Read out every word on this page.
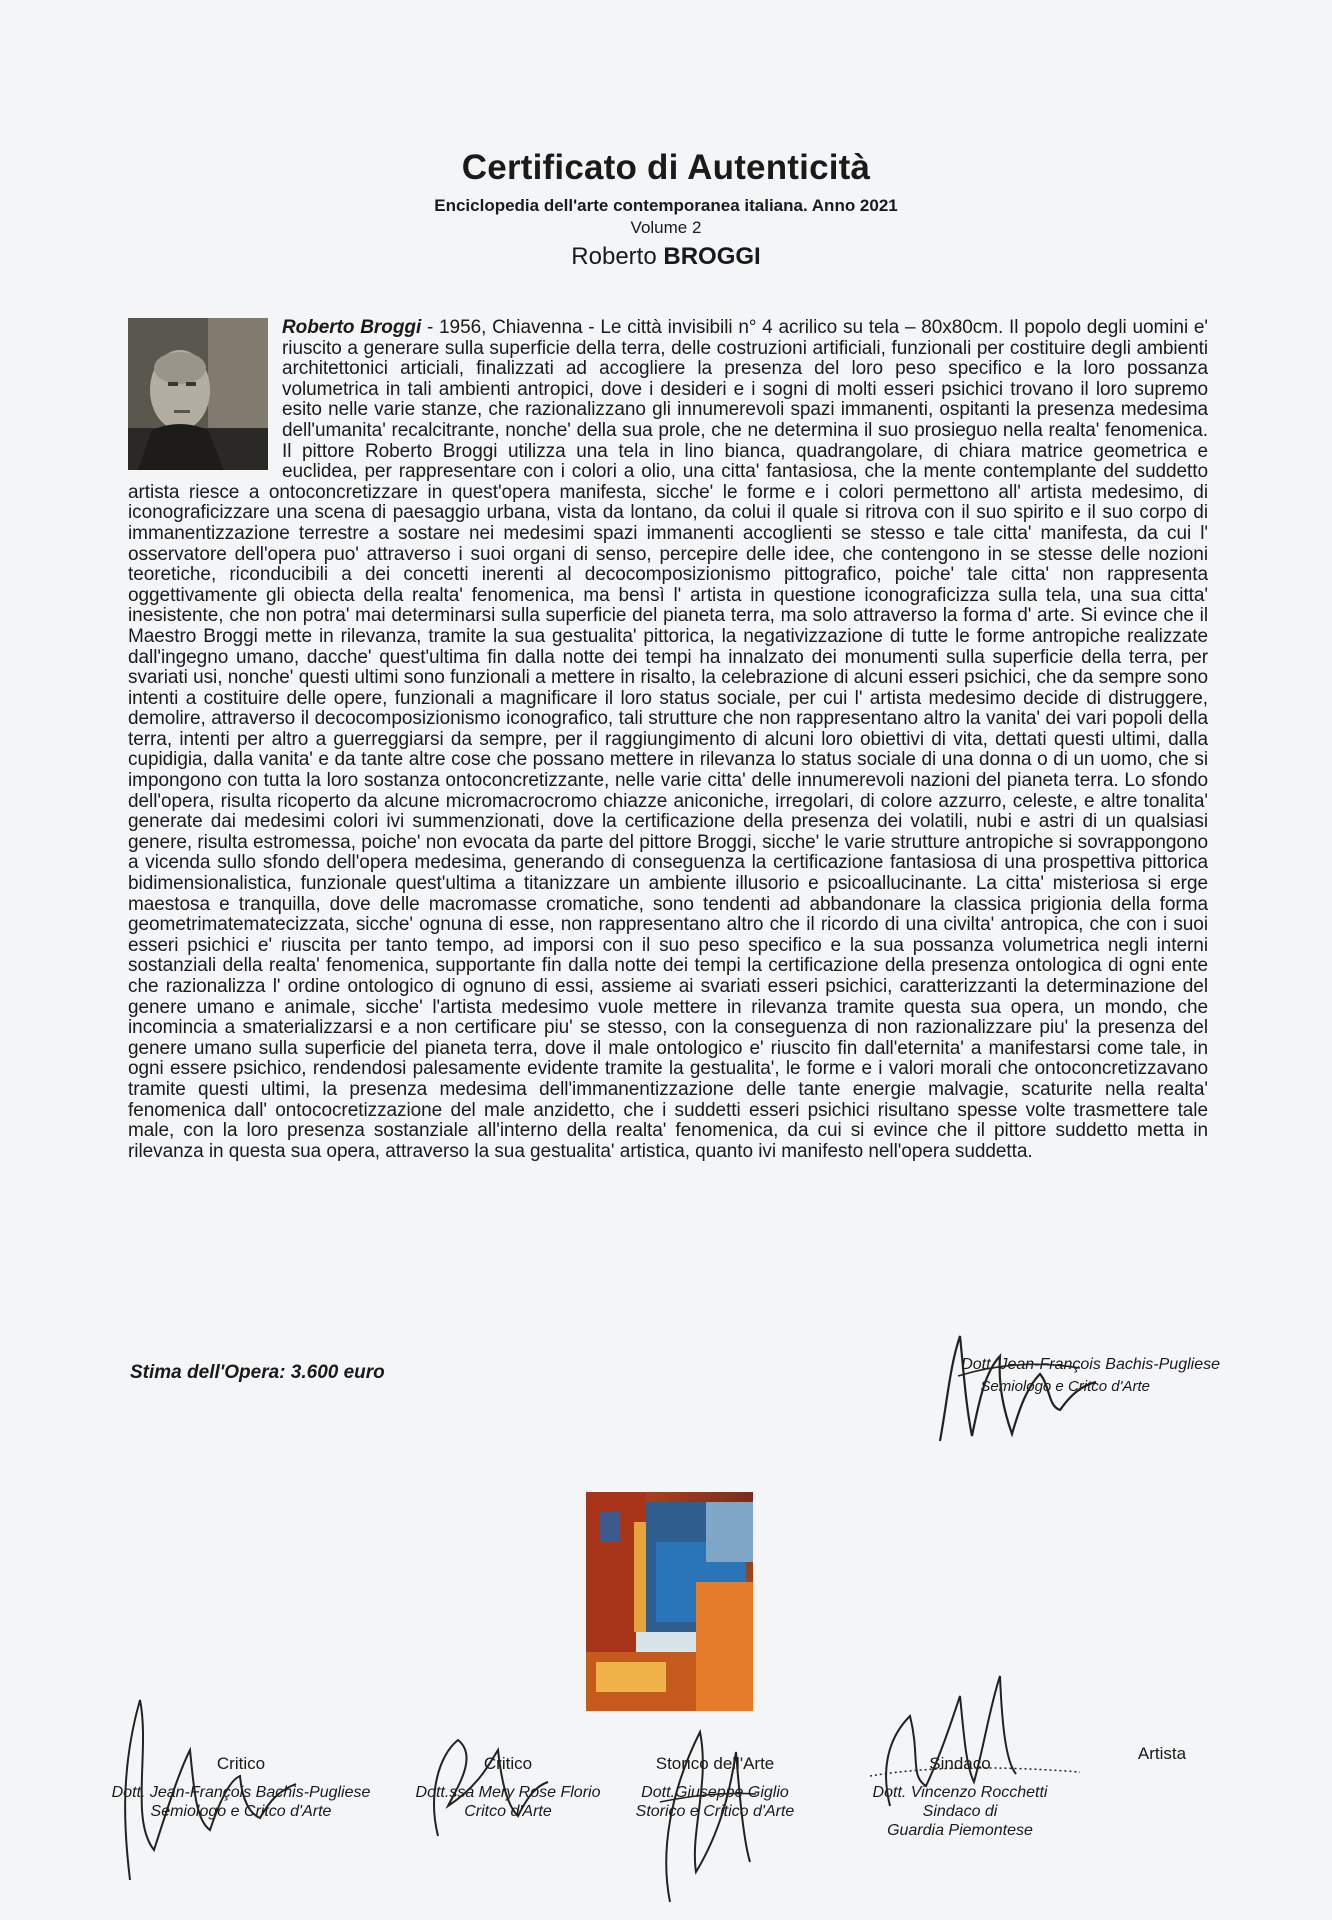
Certificato di Autenticità
Enciclopedia dell'arte contemporanea italiana. Anno 2021
Volume 2
Roberto BROGGI

Roberto Broggi - 1956, Chiavenna - Le città invisibili n° 4 acrilico su tela – 80x80cm. Il popolo degli uomini e' riuscito a generare sulla superficie della terra, delle costruzioni artificiali, funzionali per costituire degli ambienti architettonici articiali, finalizzati ad accogliere la presenza del loro peso specifico e la loro possanza volumetrica in tali ambienti antropici, dove i desideri e i sogni di molti esseri psichici trovano il loro supremo esito nelle varie stanze, che razionalizzano gli innumerevoli spazi immanenti, ospitanti la presenza medesima dell'umanita' recalcitrante, nonche' della sua prole, che ne determina il suo prosieguo nella realta' fenomenica. Il pittore Roberto Broggi utilizza una tela in lino bianca, quadrangolare, di chiara matrice geometrica e euclidea, per rappresentare con i colori a olio, una citta' fantasiosa, che la mente contemplante del suddetto artista riesce a ontoconcretizzare in quest'opera manifesta, sicche' le forme e i colori permettono all' artista medesimo, di iconograficizzare una scena di paesaggio urbana, vista da lontano, da colui il quale si ritrova con il suo spirito e il suo corpo di immanentizzazione terrestre a sostare nei medesimi spazi immanenti accoglienti se stesso e tale citta' manifesta, da cui l' osservatore dell'opera puo' attraverso i suoi organi di senso, percepire delle idee, che contengono in se stesse delle nozioni teoretiche, riconducibili a dei concetti inerenti al decocomposizionismo pittografico, poiche' tale citta' non rappresenta oggettivamente gli obiecta della realta' fenomenica, ma bensì l' artista in questione iconograficizza sulla tela, una sua citta' inesistente, che non potra' mai determinarsi sulla superficie del pianeta terra, ma solo attraverso la forma d' arte. Si evince che il Maestro Broggi mette in rilevanza, tramite la sua gestualita' pittorica, la negativizzazione di tutte le forme antropiche realizzate dall'ingegno umano, dacche' quest'ultima fin dalla notte dei tempi ha innalzato dei monumenti sulla superficie della terra, per svariati usi, nonche' questi ultimi sono funzionali a mettere in risalto, la celebrazione di alcuni esseri psichici, che da sempre sono intenti a costituire delle opere, funzionali a magnificare il loro status sociale, per cui l' artista medesimo decide di distruggere, demolire, attraverso il decocomposizionismo iconografico, tali strutture che non rappresentano altro la vanita' dei vari popoli della terra, intenti per altro a guerreggiarsi da sempre, per il raggiungimento di alcuni loro obiettivi di vita, dettati questi ultimi, dalla cupidigia, dalla vanita' e da tante altre cose che possano mettere in rilevanza lo status sociale di una donna o di un uomo, che si impongono con tutta la loro sostanza ontoconcretizzante, nelle varie citta' delle innumerevoli nazioni del pianeta terra. Lo sfondo dell'opera, risulta ricoperto da alcune micromacrocromo chiazze aniconiche, irregolari, di colore azzurro, celeste, e altre tonalita' generate dai medesimi colori ivi summenzionati, dove la certificazione della presenza dei volatili, nubi e astri di un qualsiasi genere, risulta estromessa, poiche' non evocata da parte del pittore Broggi, sicche' le varie strutture antropiche si sovrappongono a vicenda sullo sfondo dell'opera medesima, generando di conseguenza la certificazione fantasiosa di una prospettiva pittorica bidimensionalistica, funzionale quest'ultima a titanizzare un ambiente illusorio e psicoallucinante. La citta' misteriosa si erge maestosa e tranquilla, dove delle macromasse cromatiche, sono tendenti ad abbandonare la classica prigionia della forma geometrimatematecizzata, sicche' ognuna di esse, non rappresentano altro che il ricordo di una civilta' antropica, che con i suoi esseri psichici e' riuscita per tanto tempo, ad imporsi con il suo peso specifico e la sua possanza volumetrica negli interni sostanziali della realta' fenomenica, supportante fin dalla notte dei tempi la certificazione della presenza ontologica di ogni ente che razionalizza l' ordine ontologico di ognuno di essi, assieme ai svariati esseri psichici, caratterizzanti la determinazione del genere umano e animale, sicche' l'artista medesimo vuole mettere in rilevanza tramite questa sua opera, un mondo, che incomincia a smaterializzarsi e a non certificare piu' se stesso, con la conseguenza di non razionalizzare piu' la presenza del genere umano sulla superficie del pianeta terra, dove il male ontologico e' riuscito fin dall'eternita' a manifestarsi come tale, in ogni essere psichico, rendendosi palesamente evidente tramite la gestualita', le forme e i valori morali che ontoconcretizzavano tramite questi ultimi, la presenza medesima dell'immanentizzazione delle tante energie malvagie, scaturite nella realta' fenomenica dall' ontococretizzazione del male anzidetto, che i suddetti esseri psichici risultano spesse volte trasmettere tale male, con la loro presenza sostanziale all'interno della realta' fenomenica, da cui si evince che il pittore suddetto metta in rilevanza in questa sua opera, attraverso la sua gestualita' artistica, quanto ivi manifesto nell'opera suddetta.

Stima dell'Opera: 3.600 euro	Dott. Jean-François Bachis-Pugliese
Semiologo e Critco d'Arte
Critico
Dott. Jean-François Bachis-Pugliese
Semiologo e Critco d'Arte
Critico
Dott.ssa Mery Rose Florio
Critco d'Arte
Storico dell'Arte
Dott.Giuseppe Giglio
Storico e Critico d'Arte
Sindaco
Dott. Vincenzo Rocchetti
Sindaco di
Guardia Piemontese
Artista
